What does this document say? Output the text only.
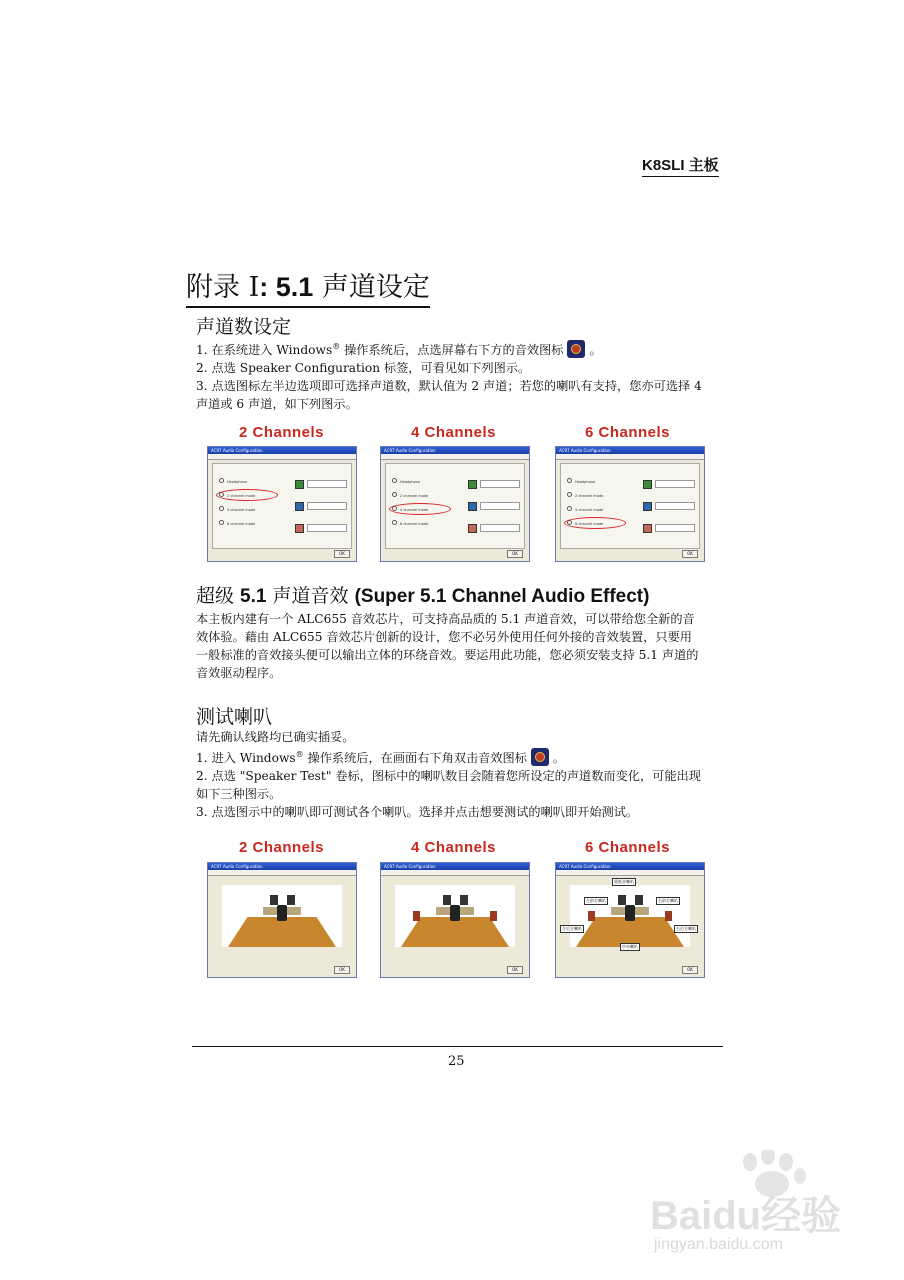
K8SLI 主板
附录 I: 5.1 声道设定
声道数设定
1. 在系统进入 Windows® 操作系统后，点选屏幕右下方的音效图标 。
2. 点选 Speaker Configuration 标签，可看见如下列图示。
3. 点选图标左半边选项即可选择声道数，默认值为 2 声道；若您的喇叭有支持，您亦可选择 4
声道或 6 声道，如下列图示。
2 Channels	4 Channels	6 Channels
AC97 Audio Configuration
Headphone
2 channel mode
4 channel mode
6 channel mode
OK
AC97 Audio Configuration
Headphone
2 channel mode
4 channel mode
6 channel mode
OK
AC97 Audio Configuration
Headphone
2 channel mode
4 channel mode
6 channel mode
OK
超级 5.1 声道音效 (Super 5.1 Channel Audio Effect)
本主板内建有一个 ALC655 音效芯片，可支持高品质的 5.1 声道音效，可以带给您全新的音
效体验。藉由 ALC655 音效芯片创新的设计，您不必另外使用任何外接的音效装置，只要用
一般标准的音效接头便可以输出立体的环绕音效。要运用此功能，您必须安装支持 5.1 声道的
音效驱动程序。
测试喇叭
请先确认线路均已确实插妥。
1. 进入 Windows® 操作系统后，在画面右下角双击音效图标 。
2. 点选 "Speaker Test" 卷标，图标中的喇叭数目会随着您所设定的声道数而变化，可能出现
如下三种图示。
3. 点选图示中的喇叭即可测试各个喇叭。选择并点击想要测试的喇叭即开始测试。
2 Channels	4 Channels	6 Channels
AC97 Audio Configuration
OK
AC97 Audio Configuration
OK
AC97 Audio Configuration
重低音喇叭
左前方喇叭	右前方喇叭
左后方喇叭	右后方喇叭
中央喇叭
OK
25
Baidu经验
jingyan.baidu.com
